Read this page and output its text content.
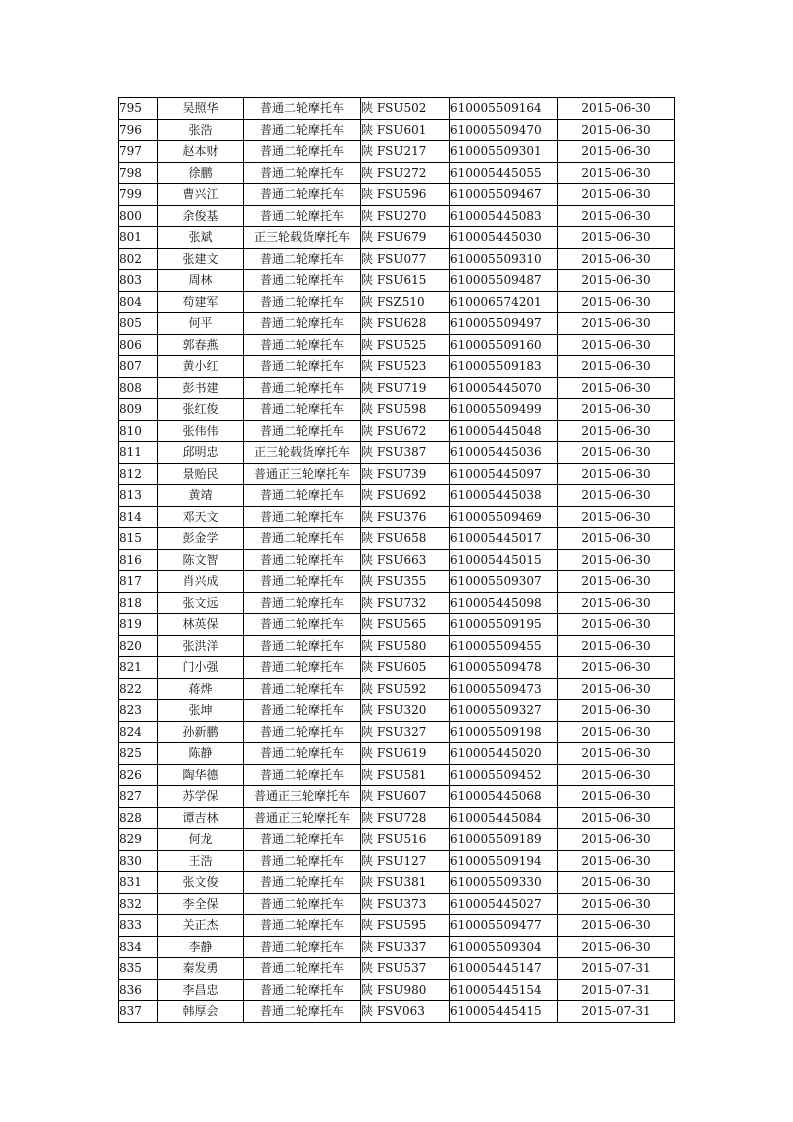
795	吴照华	普通二轮摩托车	陕 FSU502	610005509164	2015-06-30
796	张浩	普通二轮摩托车	陕 FSU601	610005509470	2015-06-30
797	赵本财	普通二轮摩托车	陕 FSU217	610005509301	2015-06-30
798	徐鹏	普通二轮摩托车	陕 FSU272	610005445055	2015-06-30
799	曹兴江	普通二轮摩托车	陕 FSU596	610005509467	2015-06-30
800	余俊基	普通二轮摩托车	陕 FSU270	610005445083	2015-06-30
801	张斌	正三轮载货摩托车	陕 FSU679	610005445030	2015-06-30
802	张建文	普通二轮摩托车	陕 FSU077	610005509310	2015-06-30
803	周林	普通二轮摩托车	陕 FSU615	610005509487	2015-06-30
804	苟建军	普通二轮摩托车	陕 FSZ510	610006574201	2015-06-30
805	何平	普通二轮摩托车	陕 FSU628	610005509497	2015-06-30
806	郭春燕	普通二轮摩托车	陕 FSU525	610005509160	2015-06-30
807	黄小红	普通二轮摩托车	陕 FSU523	610005509183	2015-06-30
808	彭书建	普通二轮摩托车	陕 FSU719	610005445070	2015-06-30
809	张红俊	普通二轮摩托车	陕 FSU598	610005509499	2015-06-30
810	张伟伟	普通二轮摩托车	陕 FSU672	610005445048	2015-06-30
811	邱明忠	正三轮载货摩托车	陕 FSU387	610005445036	2015-06-30
812	景贻民	普通正三轮摩托车	陕 FSU739	610005445097	2015-06-30
813	黄靖	普通二轮摩托车	陕 FSU692	610005445038	2015-06-30
814	邓天文	普通二轮摩托车	陕 FSU376	610005509469	2015-06-30
815	彭金学	普通二轮摩托车	陕 FSU658	610005445017	2015-06-30
816	陈文智	普通二轮摩托车	陕 FSU663	610005445015	2015-06-30
817	肖兴成	普通二轮摩托车	陕 FSU355	610005509307	2015-06-30
818	张文远	普通二轮摩托车	陕 FSU732	610005445098	2015-06-30
819	林英保	普通二轮摩托车	陕 FSU565	610005509195	2015-06-30
820	张洪洋	普通二轮摩托车	陕 FSU580	610005509455	2015-06-30
821	门小强	普通二轮摩托车	陕 FSU605	610005509478	2015-06-30
822	蒋烨	普通二轮摩托车	陕 FSU592	610005509473	2015-06-30
823	张坤	普通二轮摩托车	陕 FSU320	610005509327	2015-06-30
824	孙新鹏	普通二轮摩托车	陕 FSU327	610005509198	2015-06-30
825	陈静	普通二轮摩托车	陕 FSU619	610005445020	2015-06-30
826	陶华德	普通二轮摩托车	陕 FSU581	610005509452	2015-06-30
827	苏学保	普通正三轮摩托车	陕 FSU607	610005445068	2015-06-30
828	谭吉林	普通正三轮摩托车	陕 FSU728	610005445084	2015-06-30
829	何龙	普通二轮摩托车	陕 FSU516	610005509189	2015-06-30
830	王浩	普通二轮摩托车	陕 FSU127	610005509194	2015-06-30
831	张文俊	普通二轮摩托车	陕 FSU381	610005509330	2015-06-30
832	李全保	普通二轮摩托车	陕 FSU373	610005445027	2015-06-30
833	关正杰	普通二轮摩托车	陕 FSU595	610005509477	2015-06-30
834	李静	普通二轮摩托车	陕 FSU337	610005509304	2015-06-30
835	秦发勇	普通二轮摩托车	陕 FSU537	610005445147	2015-07-31
836	李昌忠	普通二轮摩托车	陕 FSU980	610005445154	2015-07-31
837	韩厚会	普通二轮摩托车	陕 FSV063	610005445415	2015-07-31
